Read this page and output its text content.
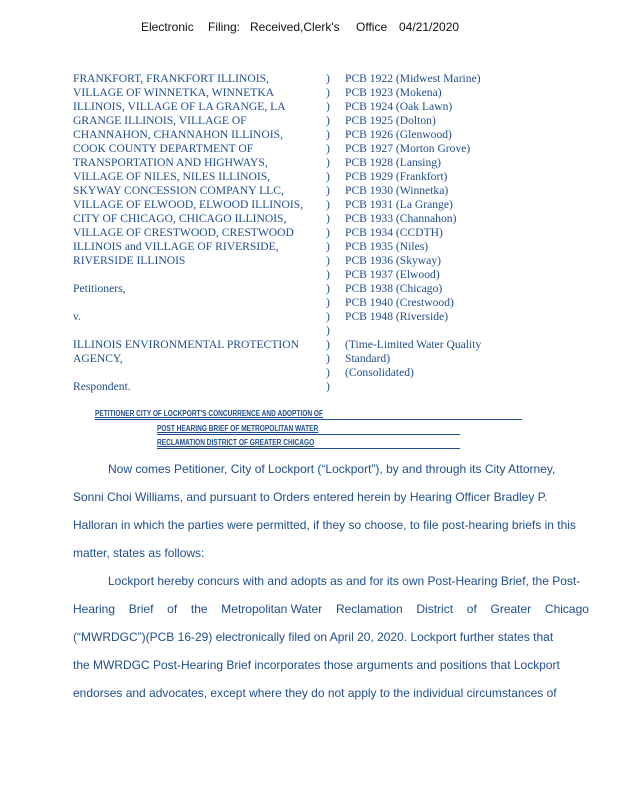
Electronic Filing: Received,Clerk's Office 04/21/2020
FRANKFORT, FRANKFORT ILLINOIS,	) PCB 1922 (Midwest Marine)
VILLAGE OF WINNETKA, WINNETKA	) PCB 1923 (Mokena)
ILLINOIS, VILLAGE OF LA GRANGE, LA	) PCB 1924 (Oak Lawn)
GRANGE ILLINOIS, VILLAGE OF	) PCB 1925 (Dolton)
CHANNAHON, CHANNAHON ILLINOIS,	) PCB 1926 (Glenwood)
COOK COUNTY DEPARTMENT OF	) PCB 1927 (Morton Grove)
TRANSPORTATION AND HIGHWAYS,	) PCB 1928 (Lansing)
VILLAGE OF NILES, NILES ILLINOIS,	) PCB 1929 (Frankfort)
SKYWAY CONCESSION COMPANY LLC,	) PCB 1930 (Winnetka)
VILLAGE OF ELWOOD, ELWOOD ILLINOIS,	) PCB 1931 (La Grange)
CITY OF CHICAGO, CHICAGO ILLINOIS,	) PCB 1933 (Channahon)
VILLAGE OF CRESTWOOD, CRESTWOOD	) PCB 1934 (CCDTH)
ILLINOIS and VILLAGE OF RIVERSIDE,	) PCB 1935 (Niles)
RIVERSIDE ILLINOIS	) PCB 1936 (Skyway)
) PCB 1937 (Elwood)
Petitioners,	) PCB 1938 (Chicago)
) PCB 1940 (Crestwood)
v.	) PCB 1948 (Riverside)
)
ILLINOIS ENVIRONMENTAL PROTECTION	) (Time-Limited Water Quality
AGENCY,	) Standard)
) (Consolidated)
Respondent.	)
PETITIONER CITY OF LOCKPORT'S CONCURRENCE AND ADOPTION OF
POST HEARING BRIEF OF METROPOLITAN WATER
RECLAMATION DISTRICT OF GREATER CHICAGO
Now comes Petitioner, City of Lockport (“Lockport”), by and through its City Attorney,
Sonni Choi Williams, and pursuant to Orders entered herein by Hearing Officer Bradley P.
Halloran in which the parties were permitted, if they so choose, to file post-hearing briefs in this
matter, states as follows:
Lockport hereby concurs with and adopts as and for its own Post-Hearing Brief, the Post-
Hearing Brief of the Metropolitan Water Reclamation District of Greater Chicago
(“MWRDGC”)(PCB 16-29) electronically filed on April 20, 2020. Lockport further states that
the MWRDGC Post-Hearing Brief incorporates those arguments and positions that Lockport
endorses and advocates, except where they do not apply to the individual circumstances of
